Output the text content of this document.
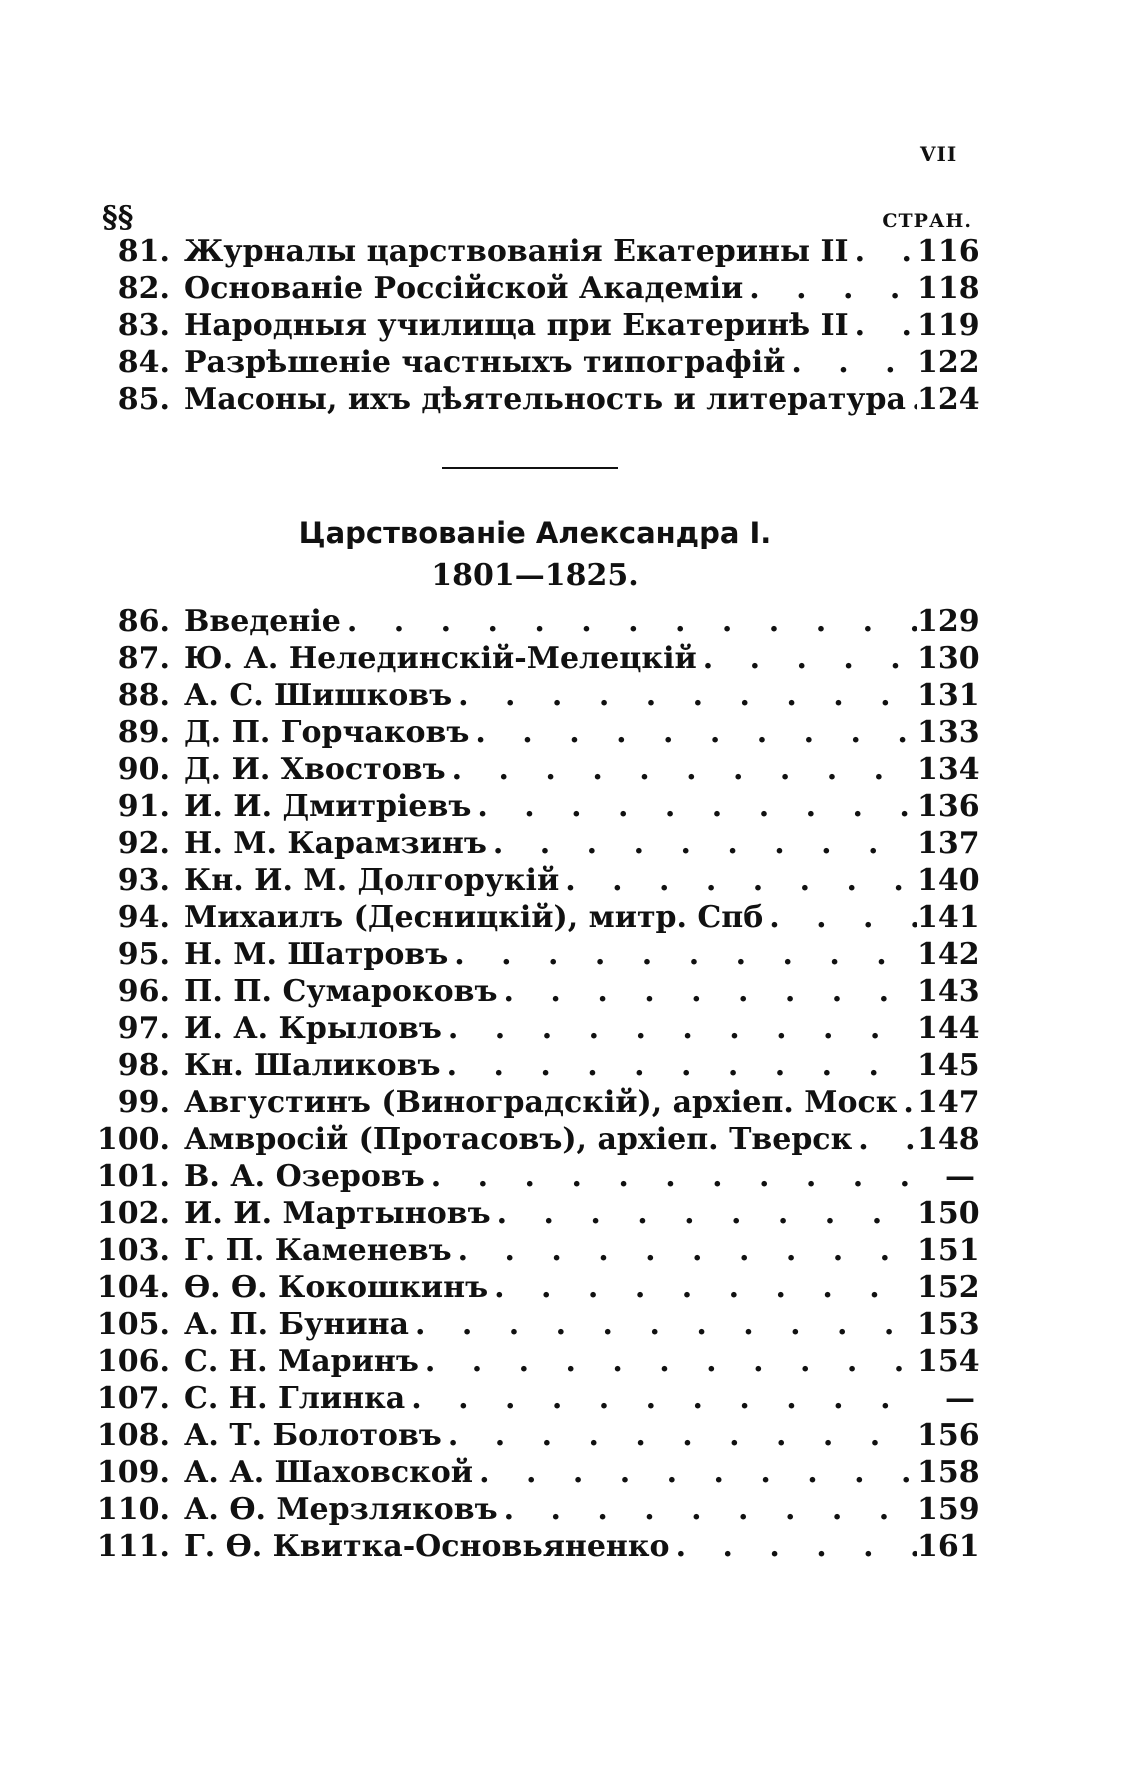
VII
§§	СТРАН.
81. Журналы царствованія Екатерины II . . . 116
82. Основаніе Россійской Академіи . . .	118
83. Народныя училища при Екатеринѣ II . . . 119
84. Разрѣшеніе частныхъ типографій . . .	122
85. Масоны, ихъ дѣятельность и литература . . . 124
Царствованіе Александра I.
1801—1825.
86. Введеніе . . .	129
87. Ю. А. Нелединскій-Мелецкій . . .	130
88. А. С. Шишковъ . . .	131
89. Д. П. Горчаковъ . . .	133
90. Д. И. Хвостовъ . . .	134
91. И. И. Дмитріевъ . . .	136
92. Н. М. Карамзинъ . . .	137
93. Кн. И. М. Долгорукій . . .	140
94. Михаилъ (Десницкій), митр. Спб . . .	141
95. Н. М. Шатровъ . . .	142
96. П. П. Сумароковъ . . .	143
97. И. А. Крыловъ . . .	144
98. Кн. Шаликовъ . . .	145
99. Августинъ (Виноградскій), архіеп. Моск . . . 147
100. Амвросій (Протасовъ), архіеп. Тверск . . . 148
101. В. А. Озеровъ . . .	—
102. И. И. Мартыновъ . . .	150
103. Г. П. Каменевъ . . .	151
104. Ѳ. Ѳ. Кокошкинъ . . .	152
105. А. П. Бунина . . .	153
106. С. Н. Маринъ . . .	154
107. С. Н. Глинка . . .	—
108. А. Т. Болотовъ . . .	156
109. А. А. Шаховской . . .	158
110. А. Ѳ. Мерзляковъ . . .	159
111. Г. Ѳ. Квитка-Основьяненко . . .	161
